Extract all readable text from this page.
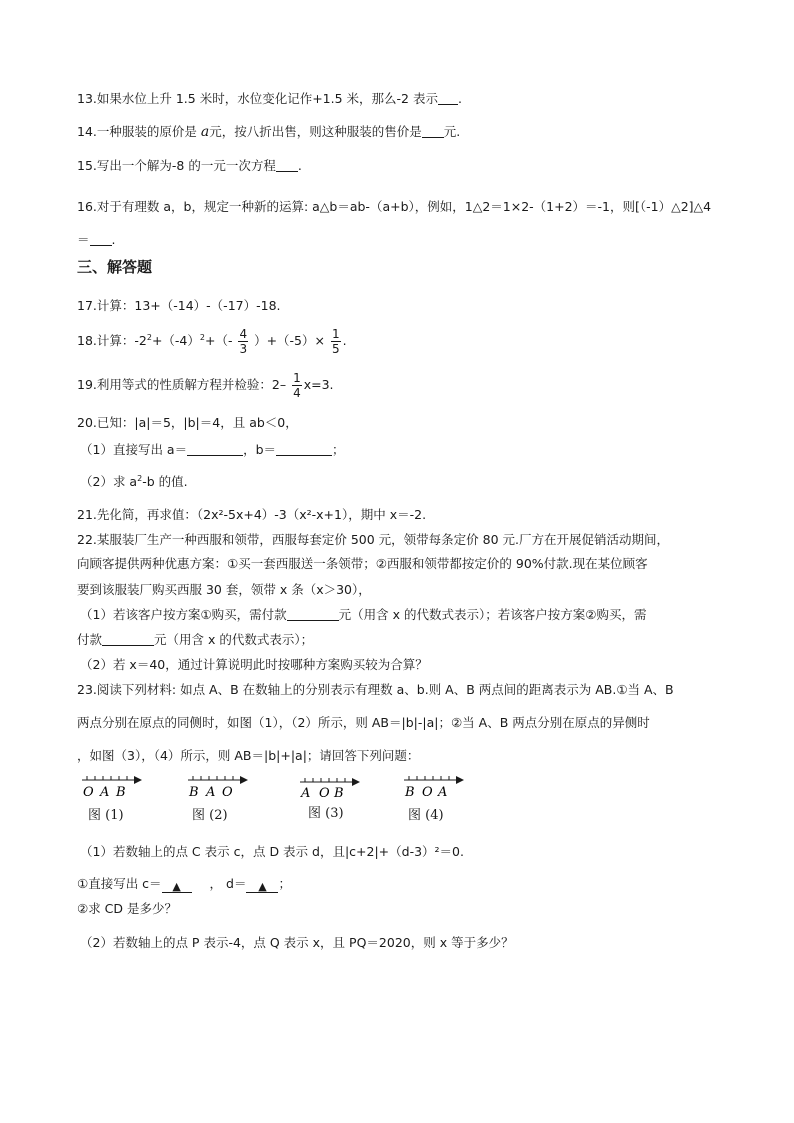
13.如果水位上升 1.5 米时，水位变化记作+1.5 米，那么-2 表示 .
14.一种服装的原价是 a元，按八折出售，则这种服装的售价是 元.
15.写出一个解为-8 的一元一次方程 .
16.对于有理数 a，b，规定一种新的运算: a△b＝ab-（a+b），例如，1△2＝1×2-（1+2）＝-1，则[（-1）△2]△4
＝ .
三、解答题
17.计算：13+（-14）-（-17）-18.
18.计算：$-2^2+(-4)^2+(- \frac{4}{3} )+(-5)\times \frac{1}{5}$ .
19.利用等式的性质解方程并检验：$2- \frac{1}{4} x=3$.
20.已知：|a|＝5，|b|＝4，且 ab＜0，
（1）直接写出 a＝	，b＝	；
（2）求 $a^2-b$ 的值.
21.先化简，再求值：（2x²-5x+4）-3（x²-x+1），期中 x＝-2.
22.某服装厂生产一种西服和领带，西服每套定价 500 元，领带每条定价 80 元.厂方在开展促销活动期间，
向顾客提供两种优惠方案：①买一套西服送一条领带；②西服和领带都按定价的 90%付款.现在某位顾客
要到该服装厂购买西服 30 套，领带 x 条（x＞30），
（1）若该客户按方案①购买，需付款	元（用含 x 的代数式表示）；若该客户按方案②购买，需
付款	元（用含 x 的代数式表示）；
（2）若 x＝40，通过计算说明此时按哪种方案购买较为合算？
23.阅读下列材料: 如点 A、B 在数轴上的分别表示有理数 a、b.则 A、B 两点间的距离表示为 AB.①当 A、B
两点分别在原点的同侧时，如图（1），（2）所示，则 AB＝|b|-|a|；②当 A、B 两点分别在原点的异侧时
，如图（3），（4）所示，则 AB＝|b|+|a|；请回答下列问题：
O A B
图 (1)
B A O
图 (2)
A O B
图 (3)
B O A
图 (4)
（1）若数轴上的点 C 表示 c，点 D 表示 d，且|c+2|+（d-3）²＝0.
①直接写出 c＝ ▲ ， d＝ ▲ ；
②求 CD 是多少？
（2）若数轴上的点 P 表示-4，点 Q 表示 x，且 PQ＝2020，则 x 等于多少？
